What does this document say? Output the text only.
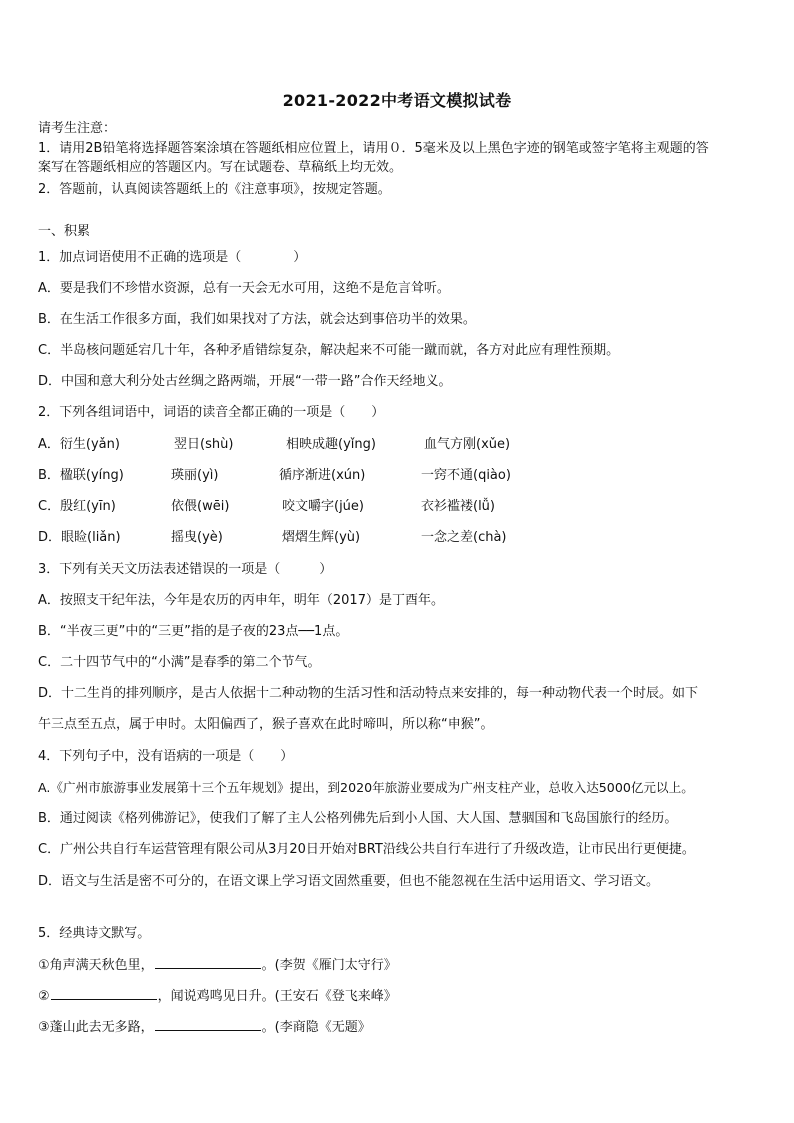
2021-2022中考语文模拟试卷
请考生注意：
1．请用2B铅笔将选择题答案涂填在答题纸相应位置上，请用０．5毫米及以上黑色字迹的钢笔或签字笔将主观题的答
案写在答题纸相应的答题区内。写在试题卷、草稿纸上均无效。
2．答题前，认真阅读答题纸上的《注意事项》，按规定答题。
一、积累
1．加点词语使用不正确的选项是（　　　　）
A．要是我们不珍惜水资源，总有一天会无水可用，这绝不是危言耸听。
B．在生活工作很多方面，我们如果找对了方法，就会达到事倍功半的效果。
C．半岛核问题延宕几十年，各种矛盾错综复杂，解决起来不可能一蹴而就，各方对此应有理性预期。
D．中国和意大利分处古丝绸之路两端，开展“一带一路”合作天经地义。
2．下列各组词语中，词语的读音全都正确的一项是（　　）
A．衍生(yǎn)	翌日(shù)	相映成趣(yǐng)	血气方刚(xǔe)
B．楹联(yíng)	瑛丽(yì)	循序渐进(xún)	一窍不通(qiào)
C．殷红(yīn)	依偎(wēi)	咬文嚼字(júe)	衣衫褴褛(lǚ)
D．眼睑(liǎn)	摇曳(yè)	熠熠生辉(yù)	一念之差(chà)
3．下列有关天文历法表述错误的一项是（　　　）
A．按照支干纪年法，今年是农历的丙申年，明年（2017）是丁酉年。
B．“半夜三更”中的“三更”指的是子夜的23点──1点。
C．二十四节气中的“小满”是春季的第二个节气。
D．十二生肖的排列顺序，是古人依据十二种动物的生活习性和活动特点来安排的，每一种动物代表一个时辰。如下
午三点至五点，属于申时。太阳偏西了，猴子喜欢在此时啼叫，所以称“申猴”。
4．下列句子中，没有语病的一项是（　　）
A.《广州市旅游事业发展第十三个五年规划》提出，到2020年旅游业要成为广州支柱产业，总收入达5000亿元以上。
B．通过阅读《格列佛游记》，使我们了解了主人公格列佛先后到小人国、大人国、慧骃国和飞岛国旅行的经历。
C．广州公共自行车运营管理有限公司从3月20日开始对BRT沿线公共自行车进行了升级改造，让市民出行更便捷。
D．语文与生活是密不可分的，在语文课上学习语文固然重要，但也不能忽视在生活中运用语文、学习语文。
5．经典诗文默写。
①角声满天秋色里，	。(李贺《雁门太守行》
②	，闻说鸡鸣见日升。(王安石《登飞来峰》
③蓬山此去无多路，	。(李商隐《无题》
